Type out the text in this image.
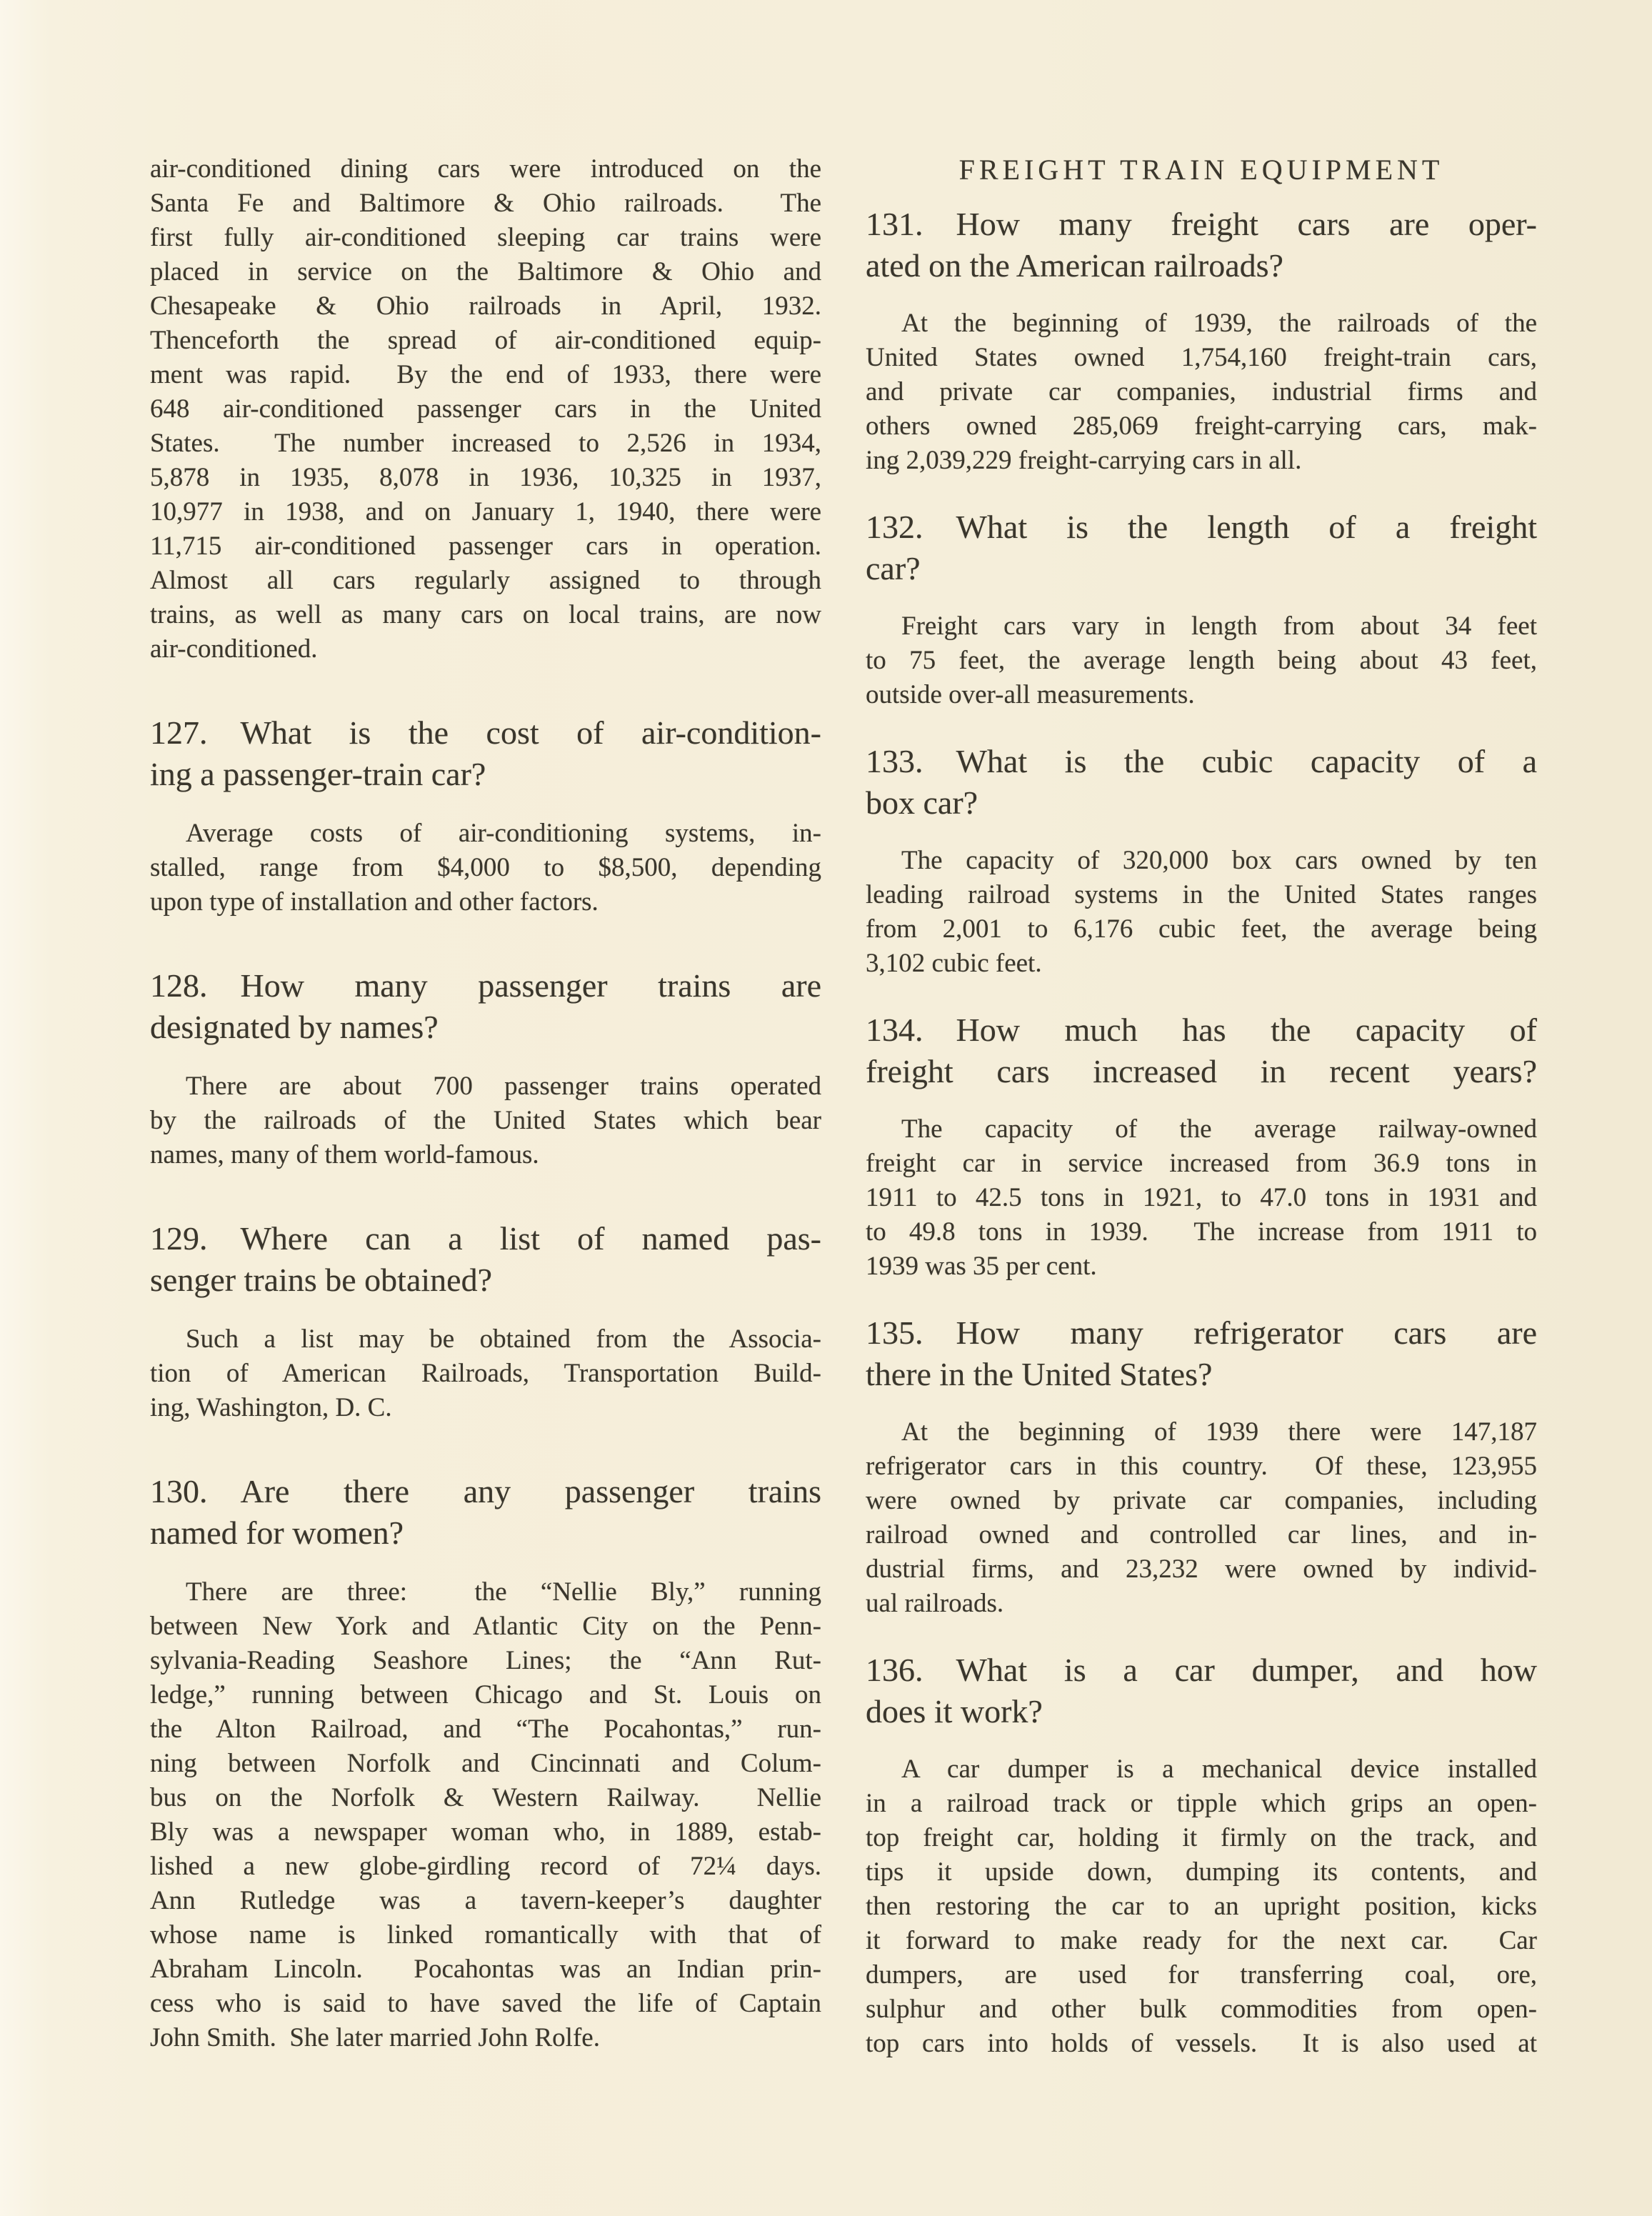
air-conditioned dining cars were introduced on the
Santa Fe and Baltimore & Ohio railroads.  The
first fully air-conditioned sleeping car trains were
placed in service on the Baltimore & Ohio and
Chesapeake & Ohio railroads in April, 1932.
Thenceforth the spread of air-conditioned equip-
ment was rapid.  By the end of 1933, there were
648 air-conditioned passenger cars in the United
States.  The number increased to 2,526 in 1934,
5,878 in 1935, 8,078 in 1936, 10,325 in 1937,
10,977 in 1938, and on January 1, 1940, there were
11,715 air-conditioned passenger cars in operation.
Almost all cars regularly assigned to through
trains, as well as many cars on local trains, are now
air-conditioned.
127. What is the cost of air-condition-
ing a passenger-train car?
Average costs of air-conditioning systems, in-
stalled, range from $4,000 to $8,500, depending
upon type of installation and other factors.
128. How many passenger trains are
designated by names?
There are about 700 passenger trains operated
by the railroads of the United States which bear
names, many of them world-famous.
129. Where can a list of named pas-
senger trains be obtained?
Such a list may be obtained from the Associa-
tion of American Railroads, Transportation Build-
ing, Washington, D. C.
130. Are there any passenger trains
named for women?
There are three:  the “Nellie Bly,” running
between New York and Atlantic City on the Penn-
sylvania-Reading Seashore Lines; the “Ann Rut-
ledge,” running between Chicago and St. Louis on
the Alton Railroad, and “The Pocahontas,” run-
ning between Norfolk and Cincinnati and Colum-
bus on the Norfolk & Western Railway.  Nellie
Bly was a newspaper woman who, in 1889, estab-
lished a new globe-girdling record of 72¼ days.
Ann Rutledge was a tavern-keeper’s daughter
whose name is linked romantically with that of
Abraham Lincoln.  Pocahontas was an Indian prin-
cess who is said to have saved the life of Captain
John Smith.  She later married John Rolfe.
FREIGHT TRAIN EQUIPMENT
131. How many freight cars are oper-
ated on the American railroads?
At the beginning of 1939, the railroads of the
United States owned 1,754,160 freight-train cars,
and private car companies, industrial firms and
others owned 285,069 freight-carrying cars, mak-
ing 2,039,229 freight-carrying cars in all.
132. What is the length of a freight
car?
Freight cars vary in length from about 34 feet
to 75 feet, the average length being about 43 feet,
outside over-all measurements.
133. What is the cubic capacity of a
box car?
The capacity of 320,000 box cars owned by ten
leading railroad systems in the United States ranges
from 2,001 to 6,176 cubic feet, the average being
3,102 cubic feet.
134. How much has the capacity of
freight cars increased in recent years?
The capacity of the average railway-owned
freight car in service increased from 36.9 tons in
1911 to 42.5 tons in 1921, to 47.0 tons in 1931 and
to 49.8 tons in 1939.  The increase from 1911 to
1939 was 35 per cent.
135. How many refrigerator cars are
there in the United States?
At the beginning of 1939 there were 147,187
refrigerator cars in this country.  Of these, 123,955
were owned by private car companies, including
railroad owned and controlled car lines, and in-
dustrial firms, and 23,232 were owned by individ-
ual railroads.
136. What is a car dumper, and how
does it work?
A car dumper is a mechanical device installed
in a railroad track or tipple which grips an open-
top freight car, holding it firmly on the track, and
tips it upside down, dumping its contents, and
then restoring the car to an upright position, kicks
it forward to make ready for the next car.  Car
dumpers, are used for transferring coal, ore,
sulphur and other bulk commodities from open-
top cars into holds of vessels.  It is also used at
